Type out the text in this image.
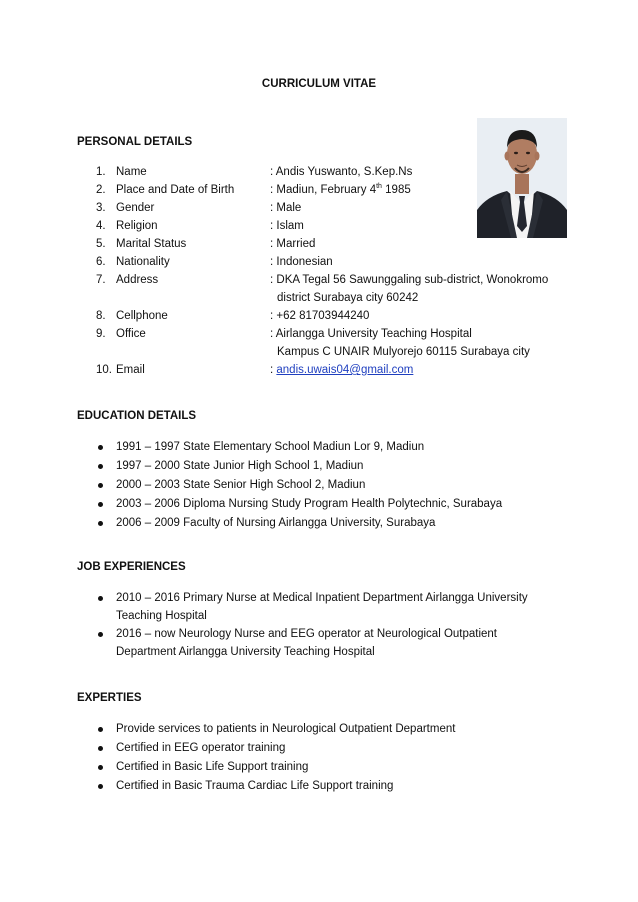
CURRICULUM VITAE
PERSONAL DETAILS
1. Name	: Andis Yuswanto, S.Kep.Ns
2. Place and Date of Birth	: Madiun, February 4th 1985
3. Gender	: Male
4. Religion	: Islam
5. Marital Status	: Married
6. Nationality	: Indonesian
7. Address	: DKA Tegal 56 Sawunggaling sub-district, Wonokromo
district Surabaya city 60242
8. Cellphone	: +62 81703944240
9. Office	: Airlangga University Teaching Hospital
Kampus C UNAIR Mulyorejo 60115 Surabaya city
10. Email	: andis.uwais04@gmail.com
EDUCATION DETAILS
1991 – 1997 State Elementary School Madiun Lor 9, Madiun
1997 – 2000 State Junior High School 1, Madiun
2000 – 2003 State Senior High School 2, Madiun
2003 – 2006 Diploma Nursing Study Program Health Polytechnic, Surabaya
2006 – 2009 Faculty of Nursing Airlangga University, Surabaya
JOB EXPERIENCES
2010 – 2016 Primary Nurse at Medical Inpatient Department Airlangga University
Teaching Hospital
2016 – now Neurology Nurse and EEG operator at Neurological Outpatient
Department Airlangga University Teaching Hospital
EXPERTIES
Provide services to patients in Neurological Outpatient Department
Certified in EEG operator training
Certified in Basic Life Support training
Certified in Basic Trauma Cardiac Life Support training
